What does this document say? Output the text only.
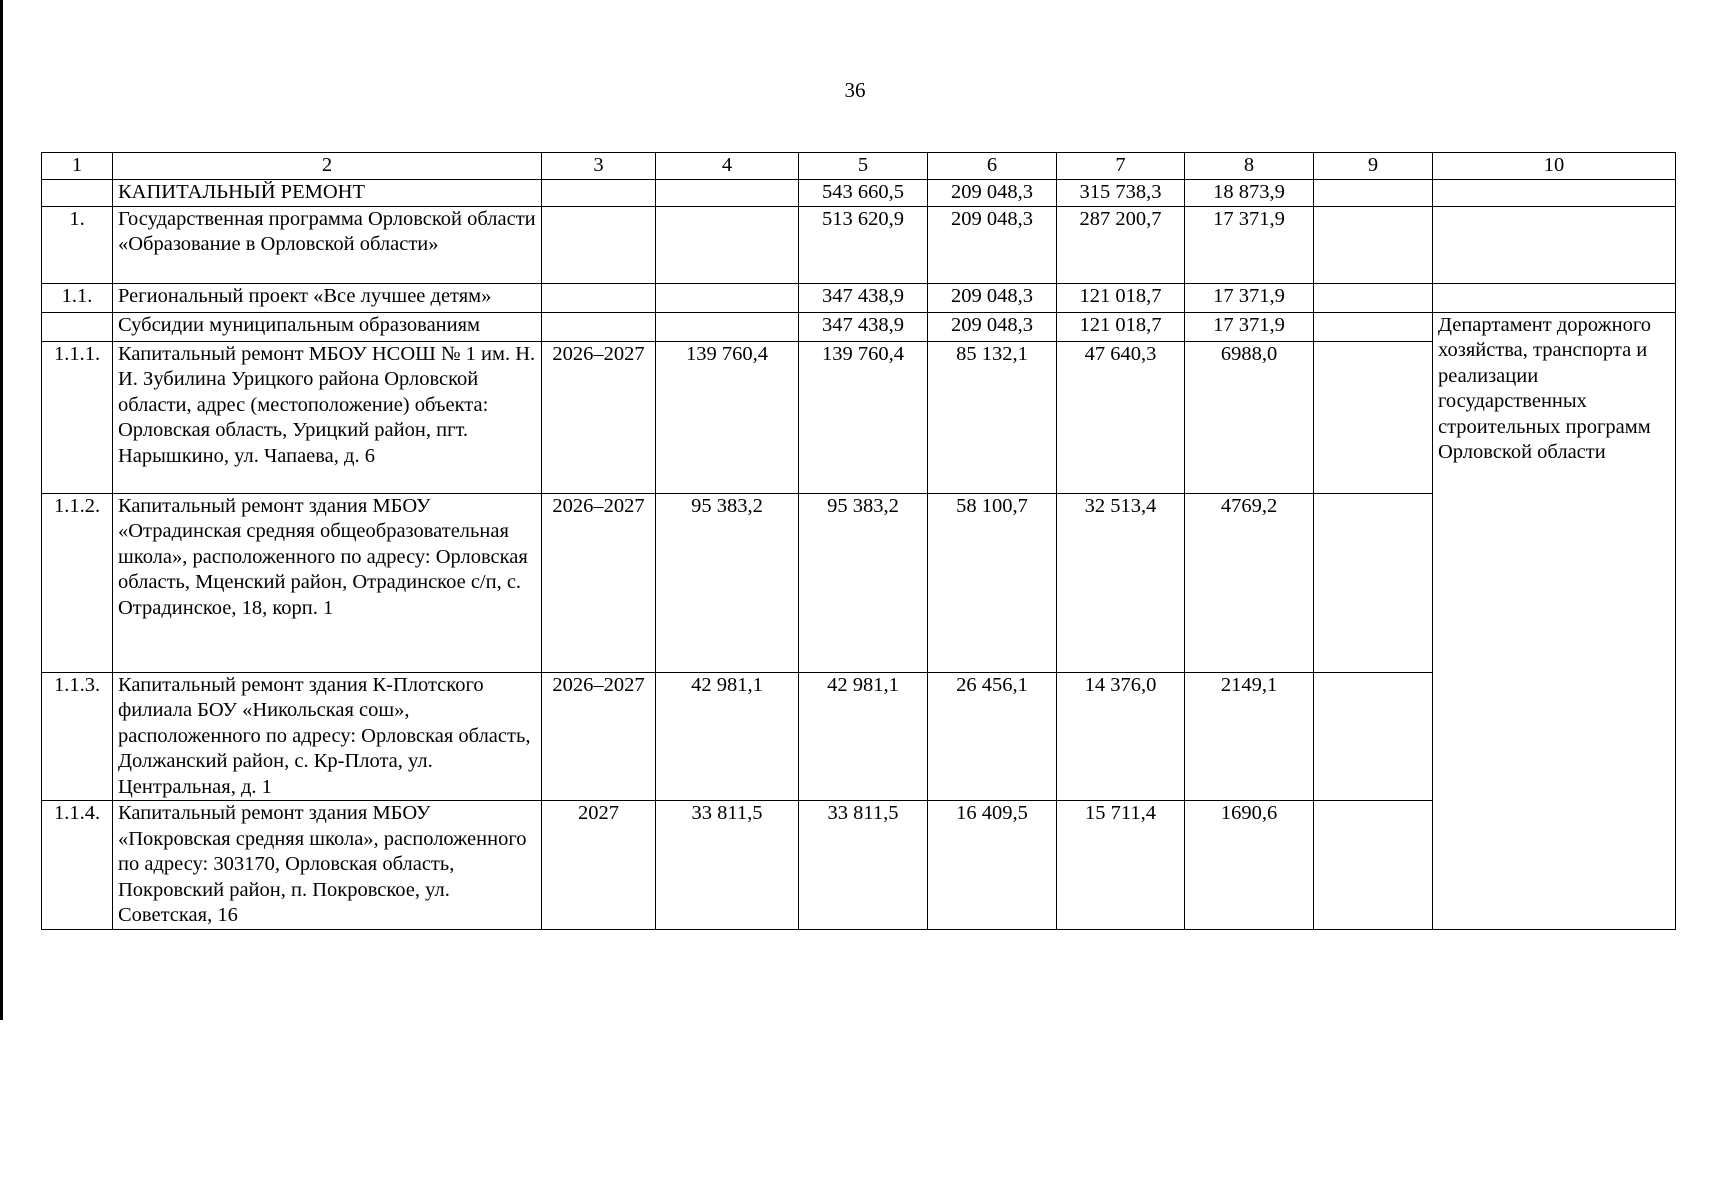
36
1	2	3	4	5	6	7	8	9	10
	КАПИТАЛЬНЫЙ РЕМОНТ			543 660,5	209 048,3	315 738,3	18 873,9		
1.	Государственная программа Орловской области «Образование в Орловской области»			513 620,9	209 048,3	287 200,7	17 371,9		
1.1.	Региональный проект «Все лучшее детям»			347 438,9	209 048,3	121 018,7	17 371,9		
	Субсидии муниципальным образованиям			347 438,9	209 048,3	121 018,7	17 371,9		Департамент дорожного хозяйства, транспорта и реализации государственных строительных программ Орловской области
1.1.1.	Капитальный ремонт МБОУ НСОШ № 1 им. Н. И. Зубилина Урицкого района Орловской области, адрес (местоположение) объекта: Орловская область, Урицкий район, пгт. Нарышкино, ул. Чапаева, д. 6	2026–2027	139 760,4	139 760,4	85 132,1	47 640,3	6988,0		
1.1.2.	Капитальный ремонт здания МБОУ «Отрадинская средняя общеобразовательная школа», расположенного по адресу: Орловская область, Мценский район, Отрадинское с/п, с. Отрадинское, 18, корп. 1	2026–2027	95 383,2	95 383,2	58 100,7	32 513,4	4769,2		
1.1.3.	Капитальный ремонт здания К-Плотского филиала БОУ «Никольская сош», расположенного по адресу: Орловская область, Должанский район, с. Кр-Плота, ул. Центральная, д. 1	2026–2027	42 981,1	42 981,1	26 456,1	14 376,0	2149,1		
1.1.4.	Капитальный ремонт здания МБОУ «Покровская средняя школа», расположенного по адресу: 303170, Орловская область, Покровский район, п. Покровское, ул. Советская, 16	2027	33 811,5	33 811,5	16 409,5	15 711,4	1690,6		
